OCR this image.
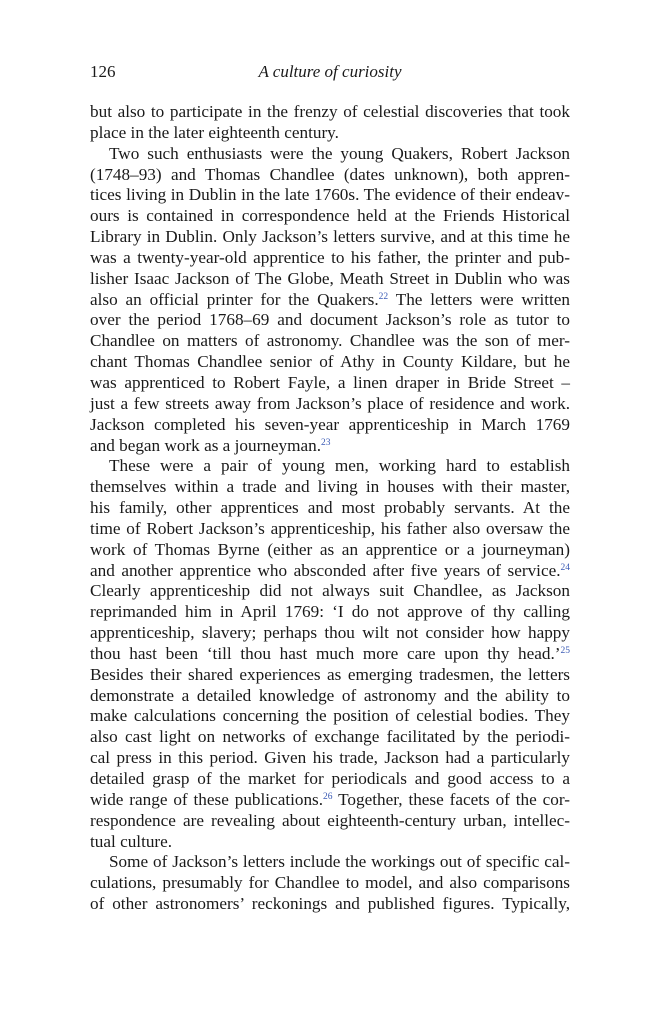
126	A culture of curiosity
but also to participate in the frenzy of celestial discoveries that took
place in the later eighteenth century.
Two such enthusiasts were the young Quakers, Robert Jackson
(1748–93) and Thomas Chandlee (dates unknown), both appren-
tices living in Dublin in the late 1760s. The evidence of their endeav-
ours is contained in correspondence held at the Friends Historical
Library in Dublin. Only Jackson’s letters survive, and at this time he
was a twenty-year-old apprentice to his father, the printer and pub-
lisher Isaac Jackson of The Globe, Meath Street in Dublin who was
also an official printer for the Quakers.$^{22}$ The letters were written
over the period 1768–69 and document Jackson’s role as tutor to
Chandlee on matters of astronomy. Chandlee was the son of mer-
chant Thomas Chandlee senior of Athy in County Kildare, but he
was apprenticed to Robert Fayle, a linen draper in Bride Street –
just a few streets away from Jackson’s place of residence and work.
Jackson completed his seven-year apprenticeship in March 1769
and began work as a journeyman.$^{23}$
These were a pair of young men, working hard to establish
themselves within a trade and living in houses with their master,
his family, other apprentices and most probably servants. At the
time of Robert Jackson’s apprenticeship, his father also oversaw the
work of Thomas Byrne (either as an apprentice or a journeyman)
and another apprentice who absconded after five years of service.$^{24}$
Clearly apprenticeship did not always suit Chandlee, as Jackson
reprimanded him in April 1769: ‘I do not approve of thy calling
apprenticeship, slavery; perhaps thou wilt not consider how happy
thou hast been ‘till thou hast much more care upon thy head.’$^{25}$
Besides their shared experiences as emerging tradesmen, the letters
demonstrate a detailed knowledge of astronomy and the ability to
make calculations concerning the position of celestial bodies. They
also cast light on networks of exchange facilitated by the periodi-
cal press in this period. Given his trade, Jackson had a particularly
detailed grasp of the market for periodicals and good access to a
wide range of these publications.$^{26}$ Together, these facets of the cor-
respondence are revealing about eighteenth-century urban, intellec-
tual culture.
Some of Jackson’s letters include the workings out of specific cal-
culations, presumably for Chandlee to model, and also comparisons
of other astronomers’ reckonings and published figures. Typically,
